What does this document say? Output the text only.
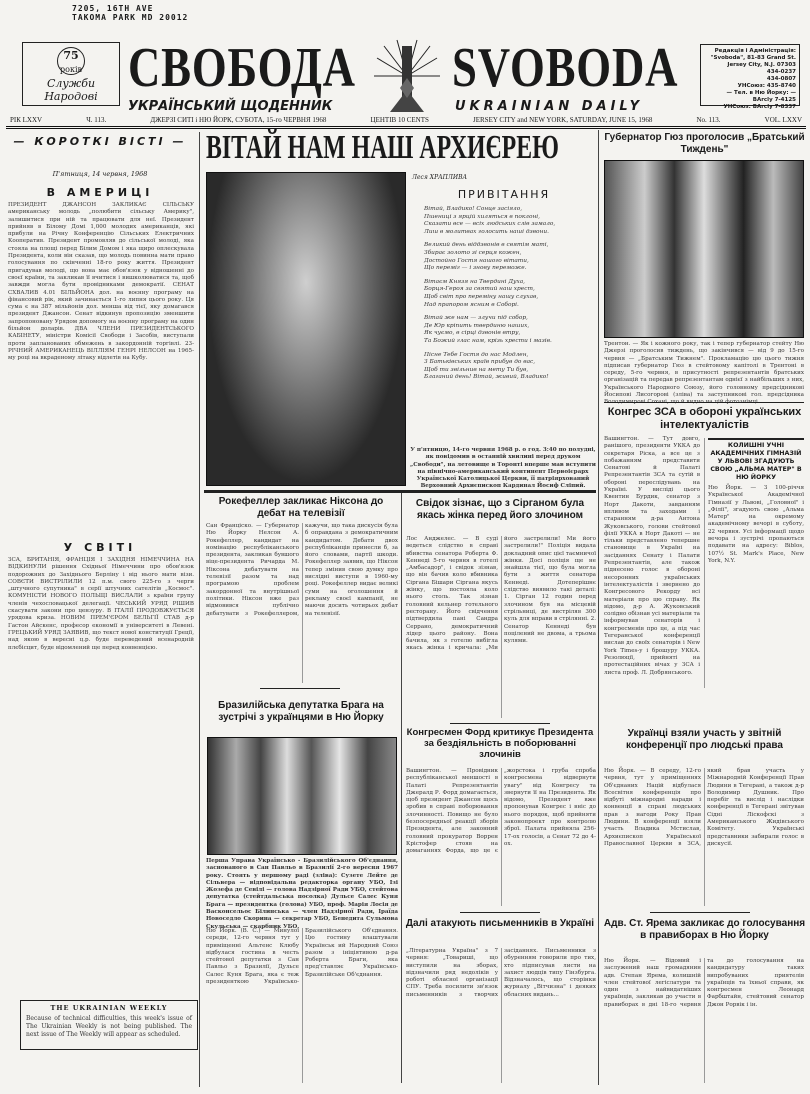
7205, 16TH AVE
TAKOMA PARK MD 20012
75
років
Служби Народові СВОБОДА
УКРАЇНСЬКИЙ ЩОДЕННИК
SVOBODA
UKRAINIAN DAILY
Редакція і Адміністрація:
"Svoboda", 81-83 Grand St.
Jersey City, N.J. 07303
434-0237
434-0807
УНСоюз: 435-8740
— Тел. в Ню Йорку: —
BArcly 7-4125
УНСоюз: BArcly 7-8337
РІК LXXV	Ч. 113.	ДЖЕРЗІ СИТІ і НЮ ЙОРК, СУБОТА, 15-го ЧЕРВНЯ 1968	ЦЕНТІВ 10 CENTS	JERSEY CITY and NEW YORK, SATURDAY, JUNE 15, 1968	No. 113.	VOL. LXXV
— КОРОТКІ ВІСТІ —
П'ятниця, 14 червня, 1968
В АМЕРИЦІ
ПРЕЗИДЕНТ ДЖАНСОН ЗАКЛИКАЄ СІЛЬСЬКУ американську молодь „полюбити сільську Америку", залишитися при ній та працювати для неї. Президент прийняв в Білому Домі 1,000 молодих американців, які прибули на Річну Конференцію Сільських Електричних Кооператив. Президент промовляв до сільської молоді, яка стояла на площі перед Білим Домом і яка щиро оплескувала Президента, коли він сказав, що молодь повинна мати право голосування по скінченні 18-го року життя. Президент пригадував молоді, що вона має обов'язок у відношенні до своєї країни, та закликав її вчитися і вишколюватися та, щоб завжди могла бути провідниками демократії. СЕНАТ СХВАЛИВ 4.01 БІЛЬЙОНА дол. на воєнну програму на фінансовий рік, який зачинається 1-го липня цього року. Ця сума є на 387 мільйонів дол. менша від тієї, яку домагався президент Джансон. Сенат відкинув пропозицію зменшити запропоновану Урядом допомогу на воєнну програму на один більйон доларів. ДВА ЧЛЕНИ ПРЕЗИДЕНТСЬКОГО КАБІНЕТУ, міністри Комісії Свободи і Засобів, виступали проти запланованих обмежень в закордонній торгівлі. 23-РІЧНИЙ АМЕРИКАНЕЦЬ ВІЛЛІЯМ ГЕНРІ НЕЛСОН на 1965-му році на вкраденому літаку відлетів на Кубу.
У СВІТІ
ЗСА, БРИТАНІЯ, ФРАНЦІЯ І ЗАХІДНЯ НІМЕЧЧИНА НА ВІДКИНУЛИ рішення Східньої Німеччини про обов'язок подорожних до Західнього Берліну і від нього мати візи. СОВЄТИ ВИСТРІЛИЛИ 12 п.м. свого 225-го з черги „штучного супутника" в серії штучних сателітів „Космос". КОМУНІСТИ НОВОГО ПОЛЬЩІ ВИСЛАЛИ з країни групу членів чехословацької делегації. ЧЕСЬКИЙ УРЯД РІШИВ скасувати закони про цензуру. В ІТАЛІЇ ПРОДОВЖУЄТЬСЯ урядова криза. НОВИМ ПРЕМ'ЄРОМ БЕЛЬГІЇ СТАВ д-р Гастон Айскенс, професор економії в університеті в Левені. ГРЕЦЬКИЙ УРЯД ЗАЯВИВ, що текст нової конституції Греції, над якою в вересні ц.р. буде переведений всенародній плєбісцит, буде відомлений ще перед конвенцією.
THE UKRAINIAN WEEKLY
Because of technical difficulties, this week's issue of The Ukrainian Weekly is not being published. The next issue of The Weekly will appear as scheduled.
ВІТАЙ НАМ НАШ АРХИЄРЕЮ
Леся ХРАПЛИВА
ПРИВІТАННЯ
Вітай, Владико! Сонце засіяло,
Пшениці з ярцій хиляться в поклоні,
Сказати все — всіх людських слів замало,
Лиш в молитвах голосить наші дзвони.
Великий день віддзвонів в святім маті,
Збирає золото зі серця кожен,
Достойно Гостя нашого вітати,
Що переміг — і знову переможе.
Вітаєм Князя на Твердині Духа,
Борця-Героя за святий наш хрест,
Щоб світ про переміну нашу слухав,
Над прапором ясним в Соборі.
Вітай же нам — злучи під собор,
Де Юр кріпить твердиню наших,
Як чуємо, в сірці дзвонів втру,
Та Божий глас нам, крізь хрести і мазів.
Пісне Тебе Гостя до нас Модлен,
З Батьківських країв прибув до вас,
Щоб ти звільнив на мету Ти був,
Благаний день! Вітай, живий, Владико!
У п'ятницю, 14-го червня 1968 р. о год. 3:40 по полудні, як повідомив в останній хвилині перед друком „Свободи", на летовище в Торонті вперше мав вступити на північно-американський континент Первоієрарх Української Католицької Церкви, її патріярхований Верховний Архиєпископ Кардинал Йосиф Сліпий.
Губернатор Гюз проголосив „Братський Тиждень"
Трентон. — Як і кожного року, так і тепер губернатор стейту Ню Джерзі проголосив тиждень, що закінчився — від 9 до 15-го червня — „Братським Тижнем". Прокламацію цю цього тижня підписав губернатор Гюз в стейтовому капітолі в Трентоні в середу, 5-го червня, в присутності репрезентантів братських організацій та передав репрезентантам однієї з найбільших з них, Українського Народного Союзу, його головному предсідникові Йосипові Лисогорові (зліва) та заступникові гол. предсідника
Конгрес ЗСА в обороні українських інтелектуалістів
Вашингтон. — Тут довго, ранішого, президенти УККА до секретаря Ріска, а все це з побажанням представити Сенатові й Палаті Репрезентантів ЗСА та сутій в обороні переслідувань на Україні. У висліді цього Квентин Бурдик, сенатор з Норт Дакоти, завданням впливом та заходами і старанням д-ра Антона Жуковського, голови стейтової філії УККА в Норт Дакоті — не тільки представлено тепершне становище в Україні на засіданнях Сенату і Палати Репрезентантів, але також піднесено голос в обороні несоронних українських інтелектуалістів і звернено до Конгресового Рекорду всі матеріали про цю справу. Як відомо, д-р А. Жуковський солідно обізнав усі матеріали та інформував сенаторів і конгресменів про це, а під час Тегеранської конференції вислав до своїх сенаторів і New York Times-у і брошуру УККА. Резолюції, прийняті на протестаційних вічах у ЗСА і листа проф. Л. Добрянського.
КОЛИШНІ УЧНІ АКАДЕМІЧНИХ ГІМНАЗІЙ У ЛЬВОВІ ЗГАДУЮТЬ СВОЮ „АЛЬМА МАТЕР" В НЮ ЙОРКУ
Ню Йорк. — З 100-річчя Української Академічної Гімназії у Львові, „Головної" і „Філії", згадують свою „Альма Матер" на окремому академічному вечорі в суботу, 22 червня. Усі інформації щодо вечора і зустрічі пропаються подавати на адресу: Biblos, 107½ St. Mark's Place, New York, N.Y.
Рокефеллер закликає Ніксона до дебат на телевізії
Сан Франціско. — Губернатор Ню Йорку Нелсон А. Рокефеллер, кандидат на номінацію республіканського президента, закликав бувшого віце-президента Ричарда М. Ніксона дебатувати на телевізії разом та над програмою проблем закордонної та внутрішньої політики. Ніксон вже раз відмовився публічно дебатувати з Рокефеллером, кажучи, що така дискусія була б оправдана з демократичним кандидатом. Дебати двох республіканців принесли б, за його словами, партії шкоди. Рокефеллер заявив, що Ніксон тепер змінив свою думку про вислідні виступи в 1960-му році. Рокефеллер видає великі суми на оголошення й рекламу своєї кампанії, не маючи досить чотирьох дебат на телевізії.
Свідок зізнає, що з Сірганом була якась жінка перед його злочином
Лос Анджелес. — В суді ведеться слідство в справі вбивства сенатора Роберта Ф. Кеннеді 5-го червня в готелі „Амбасадор", і свідок зізнав, що він бачив коло вбивника Сіргана Бішари Сіргана якусь жінку, що постояла коло нього столь. Так зізнав головний кельнер готельного ресторану. Його свідчення підтвердила пані Сандра Серрано, демократичний лідер цього району. Вона бачила, як з готелю вибігла якась жінка і кричала: „Ми його застрелили! Ми його застрелили!" Поліція видала докладний опис цієї таємничої жінки. Досі поліція ще не знайшла тієї, що була могла бути з життя сенатора Кеннеді. Дотеперішнє слідство виявило такі деталі: 1. Сірган 12 годин перед злочином був на місцевій стрільниці, де вистріляв 300 куль для вправи в стрілянні. 2. Сенатор Кеннеді був поцілений не двома, а трьома кулями.
Бразилійська депутатка Брага на зустрічі з українцями в Ню Йорку
Перша Управа Українсько - Бразилійського Об'єднання, заснованого в Сан Павльо в Бразилії 2-го вересня 1967 року. Стоять у першому раді (зліва): Сузете Лейте де Сільвера — відповідальна редакторка органу УБО, Ізі Жозефа де Севілі — голова Надзірної Ради УБО, стейтова депутатка (стейтдальська посолка) Дульсе Салес Куня Брага — президентка (голова) УБО, проф. Марія Лосія де Васконсельос Білинська — член Надзірної Ради, Іраїдa Новоседло Скорина — секретар УБО, Бенедита Сульмова Скульська — скарбник УБО.
Ню Йорк. (В. С.) — Минулої середи, 12-го червня тут у приміщенні Альтенс Клюбу відбулася гостина в честь стейтової депутатки з Сан Павльо з Бразилії, Дульсе Салес Куня Брага, яка є теж президенткою Українсько-Бразилійського Об'єднання. Цю гостину влаштували Українськ ий Народний Союз разом з ініціятивою д-ра Роберта Браги, яка пред'ставляє Українсько-Бразилійське Об'єднання.
Конгресмен Форд критикує Президента за бездіяльність в поборюванні злочинів
Вашингтон. — Провідник республіканської меншості в Палаті Репрезентантів Джералд Р. Форд домагається, щоб президент Джансон щось зробив в справі поборювання злочинності. Повищо не було безпосередньої реакції зборів Президента, але законний головний прокуратор Воррен Крістофер стояв на домаганнях Форда, що це є „жорстока і груба спроба конгресмена відвернути увагу" від Конгресу та звернути її на Президента. Як відомо, Президент вже пропонував Конгрес і вніс до нього порядок, щоб прийняти законопроект про контролю зброї. Палата прийняла 256-17-ох голосів, а Сенат 72 до 4-ох.
Українці взяли участь у звітній конференції про людські права
Ню Йорк. — В середу, 12-го червня, тут у приміщеннях Об'єднаних Націй відбулася Всесвітня конференція про відбуті міжнародні наради і конвенції в справі людських прав з нагоди Року Прав Людини. В конференції взяли участь Владика Мстислав, Архиєпископ Української Православної Церкви в ЗСА, який брав участь у Міжнародній Конференції Прав Людини в Тегерані, а також д-р Володимир Душник. Про перебіг та вислід і наслідки конференції в Тегерані звітував Сідні Ліскофскі з Американського Жидівського Комітету. Українські представники забирали голос в дискусії.
Далі атакують письменників в Україні
„Літературна Україна" з 7 червня: „Товариші, що виступили на зборах, відзначили ряд недоліків у роботі обласної організації СПУ. Треба посилити зв'язок письменників з творчих засіданнях. Письменники з обуренням говорили про тих, хто підписував листи на захист людців типу Гінзбурга. Відзначалось, що сторінки журналу „Вітчизна" і деяких обласних видань...
Адв. Ст. Ярема закликає до голосування в правиборах в Ню Йорку
Ню Йорк. — Відомий і заслужений наш громадянин адв. Степан Ярема, колишній член стейтової легіслатури та один з найвидатніших українців, закликав до участи в правиборах в дні 18-го червня та до голосування на кандидатуру таких випробуваних приятелів українців та їхньої справи, як конгресмен Леонард Фарбштайн, стейтовий сенатор Джон Рорвік і ін.
